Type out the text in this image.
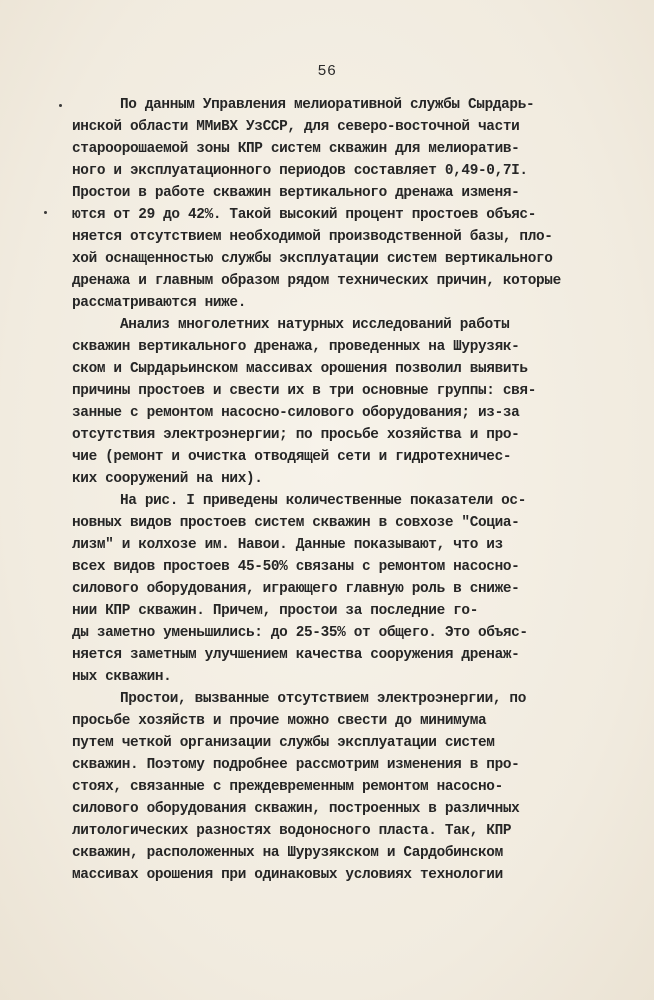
56
По данным Управления мелиоративной службы Сырдарь-
инской области ММиВХ УзССР, для северо-восточной части
староорошаемой зоны КПР систем скважин для мелиоратив-
ного и эксплуатационного периодов составляет 0,49-0,7I.
Простои в работе скважин вертикального дренажа изменя-
ются от 29 до 42%. Такой высокий процент простоев объяс-
няется отсутствием необходимой производственной базы, пло-
хой оснащенностью службы эксплуатации систем вертикального
дренажа и главным образом рядом технических причин, которые
рассматриваются ниже.
Анализ многолетних натурных исследований работы
скважин вертикального дренажа, проведенных на Шурузяк-
ском и Сырдарьинском массивах орошения позволил выявить
причины простоев и свести их в три основные группы: свя-
занные с ремонтом насосно-силового оборудования; из-за
отсутствия электроэнергии; по просьбе хозяйства и про-
чие (ремонт и очистка отводящей сети и гидротехничес-
ких сооружений на них).
На рис. I приведены количественные показатели ос-
новных видов простоев систем скважин в совхозе "Социа-
лизм" и колхозе им. Навои. Данные показывают, что из
всех видов простоев 45-50% связаны с ремонтом насосно-
силового оборудования, играющего главную роль в сниже-
нии КПР скважин. Причем, простои за последние го-
ды заметно уменьшились: до 25-35% от общего. Это объяс-
няется заметным улучшением качества сооружения дренаж-
ных скважин.
Простои, вызванные отсутствием электроэнергии, по
просьбе хозяйств и прочие можно свести до минимума
путем четкой организации службы эксплуатации систем
скважин. Поэтому подробнее рассмотрим изменения в про-
стоях, связанные с преждевременным ремонтом насосно-
силового оборудования скважин, построенных в различных
литологических разностях водоносного пласта. Так, КПР
скважин, расположенных на Шурузякском и Сардобинском
массивах орошения при одинаковых условиях технологии
